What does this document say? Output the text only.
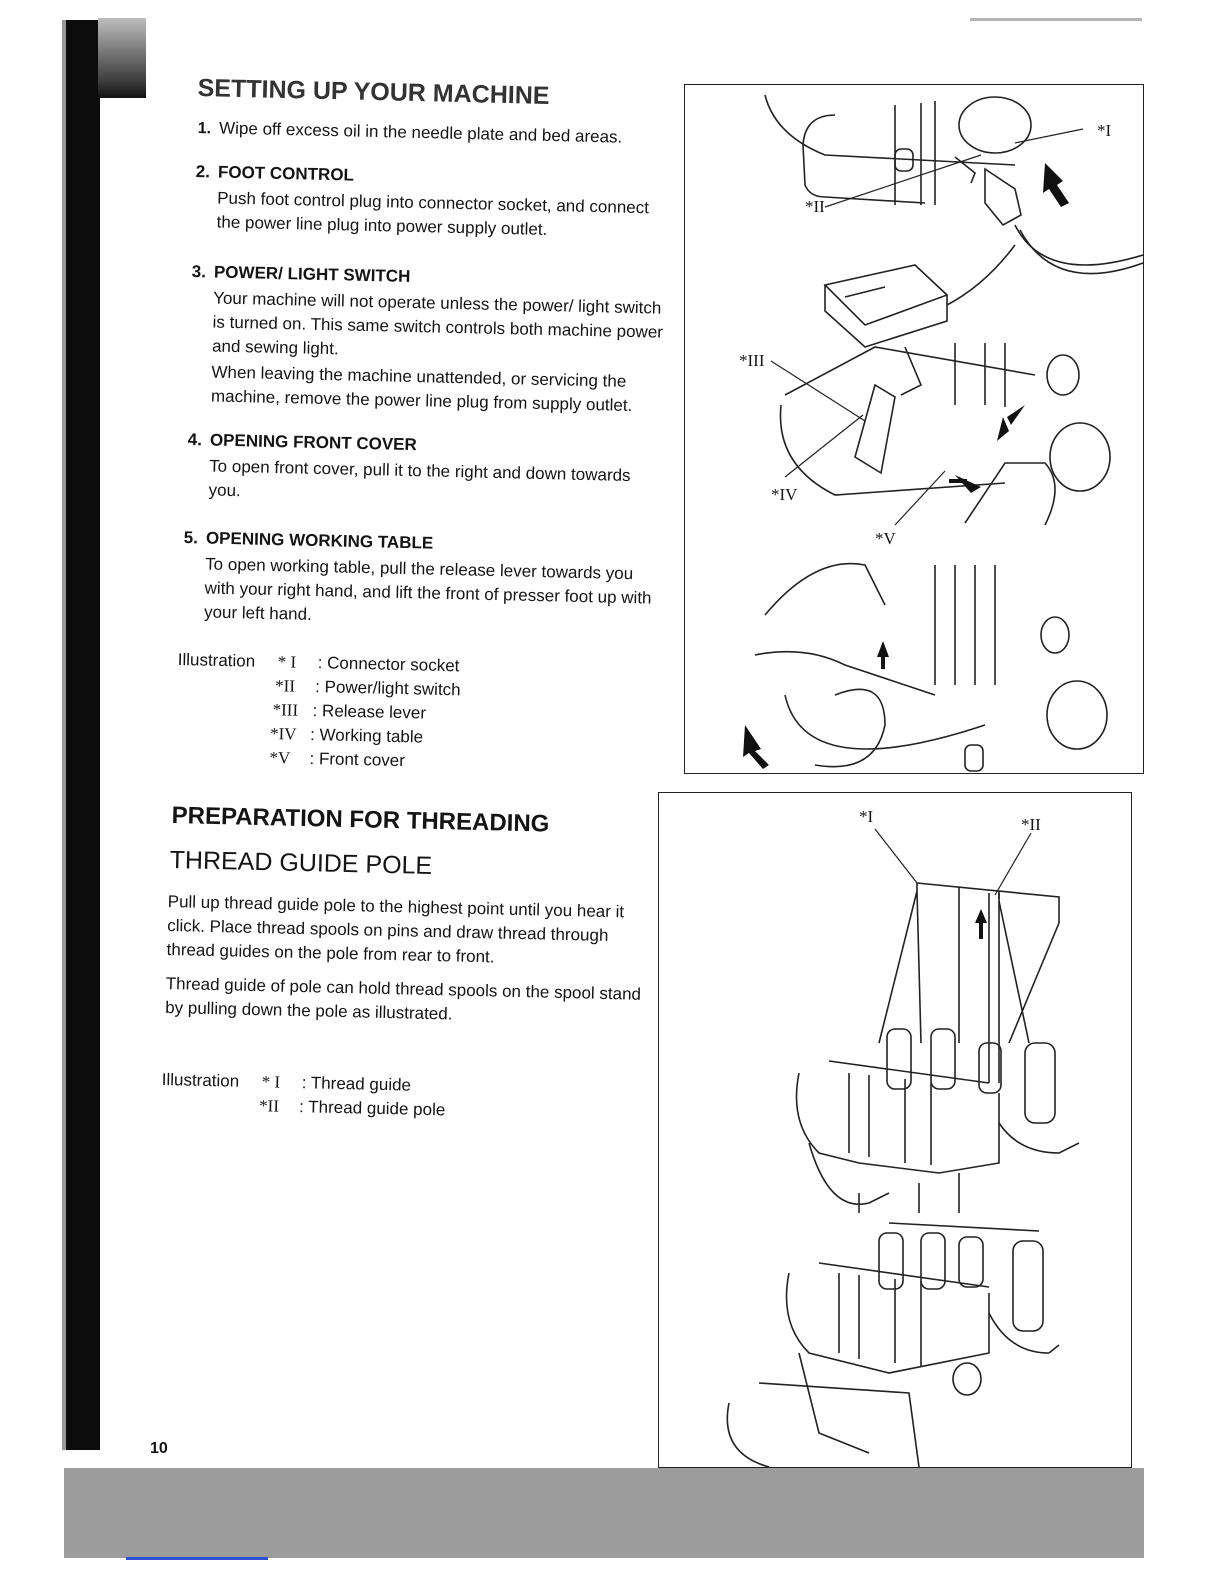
SETTING UP YOUR MACHINE
1. Wipe off excess oil in the needle plate and bed areas.
2. FOOT CONTROL

Push foot control plug into connector socket, and connect the power line plug into power supply outlet.

3. POWER/ LIGHT SWITCH

Your machine will not operate unless the power/ light switch is turned on. This same switch controls both machine power and sewing light.

When leaving the machine unattended, or servicing the machine, remove the power line plug from supply outlet.

4. OPENING FRONT COVER

To open front cover, pull it to the right and down towards you.

5. OPENING WORKING TABLE

To open working table, pull the release lever towards you with your right hand, and lift the front of presser foot up with your left hand.

Illustration * I : Connector socket
*II : Power/light switch
*III : Release lever
*IV : Working table
*V : Front cover
PREPARATION FOR THREADING
THREAD GUIDE POLE

Pull up thread guide pole to the highest point until you hear it click. Place thread spools on pins and draw thread through thread guides on the pole from rear to front.

Thread guide of pole can hold thread spools on the spool stand by pulling down the pole as illustrated.

Illustration * I : Thread guide
*II : Thread guide pole
10
*I
*II
*III
*IV
*V
*I	*II
